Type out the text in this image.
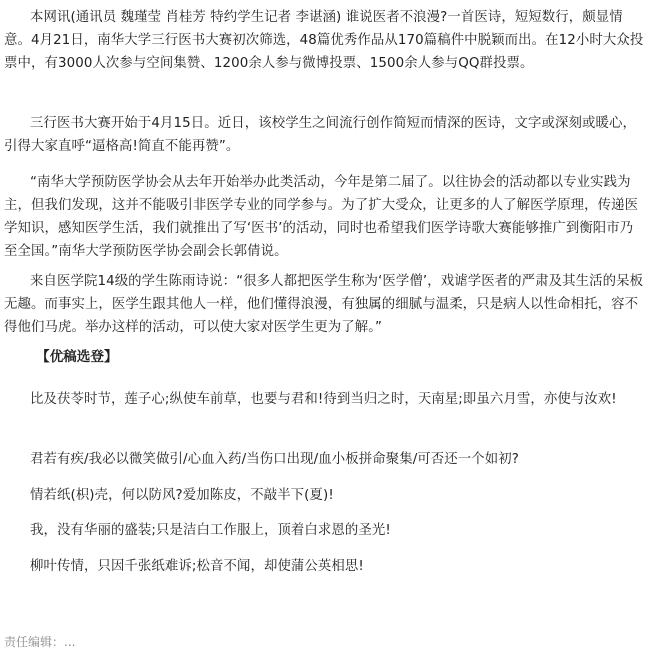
本网讯(通讯员 魏瑾莹 肖桂芳 特约学生记者 李谌涵) 谁说医者不浪漫?一首医诗，短短数行，颇显情意。4月21日，南华大学三行医书大赛初次筛选，48篇优秀作品从170篇稿件中脱颖而出。在12小时大众投票中，有3000人次参与空间集赞、1200余人参与微博投票、1500余人参与QQ群投票。

三行医书大赛开始于4月15日。近日，该校学生之间流行创作简短而情深的医诗，文字或深刻或暖心，引得大家直呼“逼格高!简直不能再赞”。

“南华大学预防医学协会从去年开始举办此类活动，今年是第二届了。以往协会的活动都以专业实践为主，但我们发现，这并不能吸引非医学专业的同学参与。为了扩大受众，让更多的人了解医学原理，传递医学知识，感知医学生活，我们就推出了写‘医书’的活动，同时也希望我们医学诗歌大赛能够推广到衡阳市乃至全国。”南华大学预防医学协会副会长郭倩说。

来自医学院14级的学生陈雨诗说：“很多人都把医学生称为‘医学僧’，戏谑学医者的严肃及其生活的呆板无趣。而事实上，医学生跟其他人一样，他们懂得浪漫，有独属的细腻与温柔，只是病人以性命相托，容不得他们马虎。举办这样的活动，可以使大家对医学生更为了解。”

【优稿选登】

比及茯苓时节，莲子心;纵使车前草，也要与君和!待到当归之时，天南星;即虽六月雪，亦使与汝欢!

君若有疾/我必以微笑做引/心血入药/当伤口出现/血小板拼命聚集/可否还一个如初?

情若纸(枳)壳，何以防风?爱加陈皮，不敲半下(夏)!

我，没有华丽的盛装;只是洁白工作服上，顶着白求恩的圣光!

柳叶传情，只因千张纸难诉;松音不闻，却使蒲公英相思!

责任编辑：...
